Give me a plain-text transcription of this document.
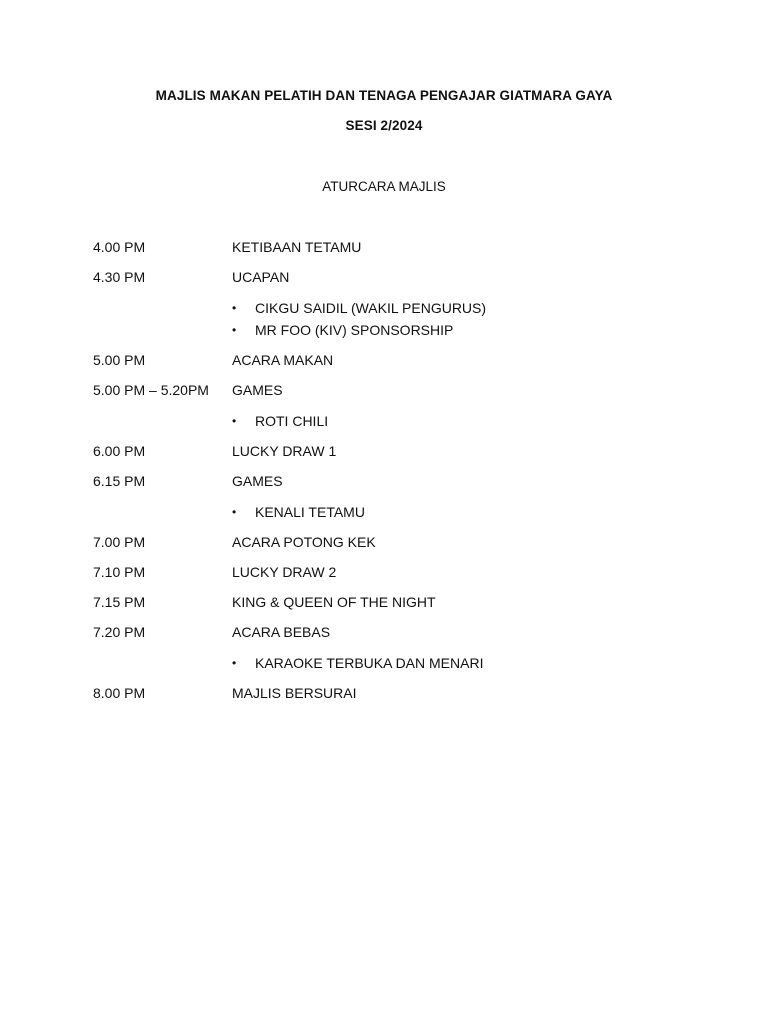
MAJLIS MAKAN PELATIH DAN TENAGA PENGAJAR GIATMARA GAYA
SESI 2/2024
ATURCARA MAJLIS
4.00 PM	KETIBAAN TETAMU
4.30 PM	UCAPAN
• CIKGU SAIDIL (WAKIL PENGURUS)
• MR FOO (KIV) SPONSORSHIP
5.00 PM	ACARA MAKAN
5.00 PM – 5.20PM GAMES
• ROTI CHILI
6.00 PM	LUCKY DRAW 1
6.15 PM	GAMES
• KENALI TETAMU
7.00 PM	ACARA POTONG KEK
7.10 PM	LUCKY DRAW 2
7.15 PM	KING & QUEEN OF THE NIGHT
7.20 PM	ACARA BEBAS
• KARAOKE TERBUKA DAN MENARI
8.00 PM	MAJLIS BERSURAI
